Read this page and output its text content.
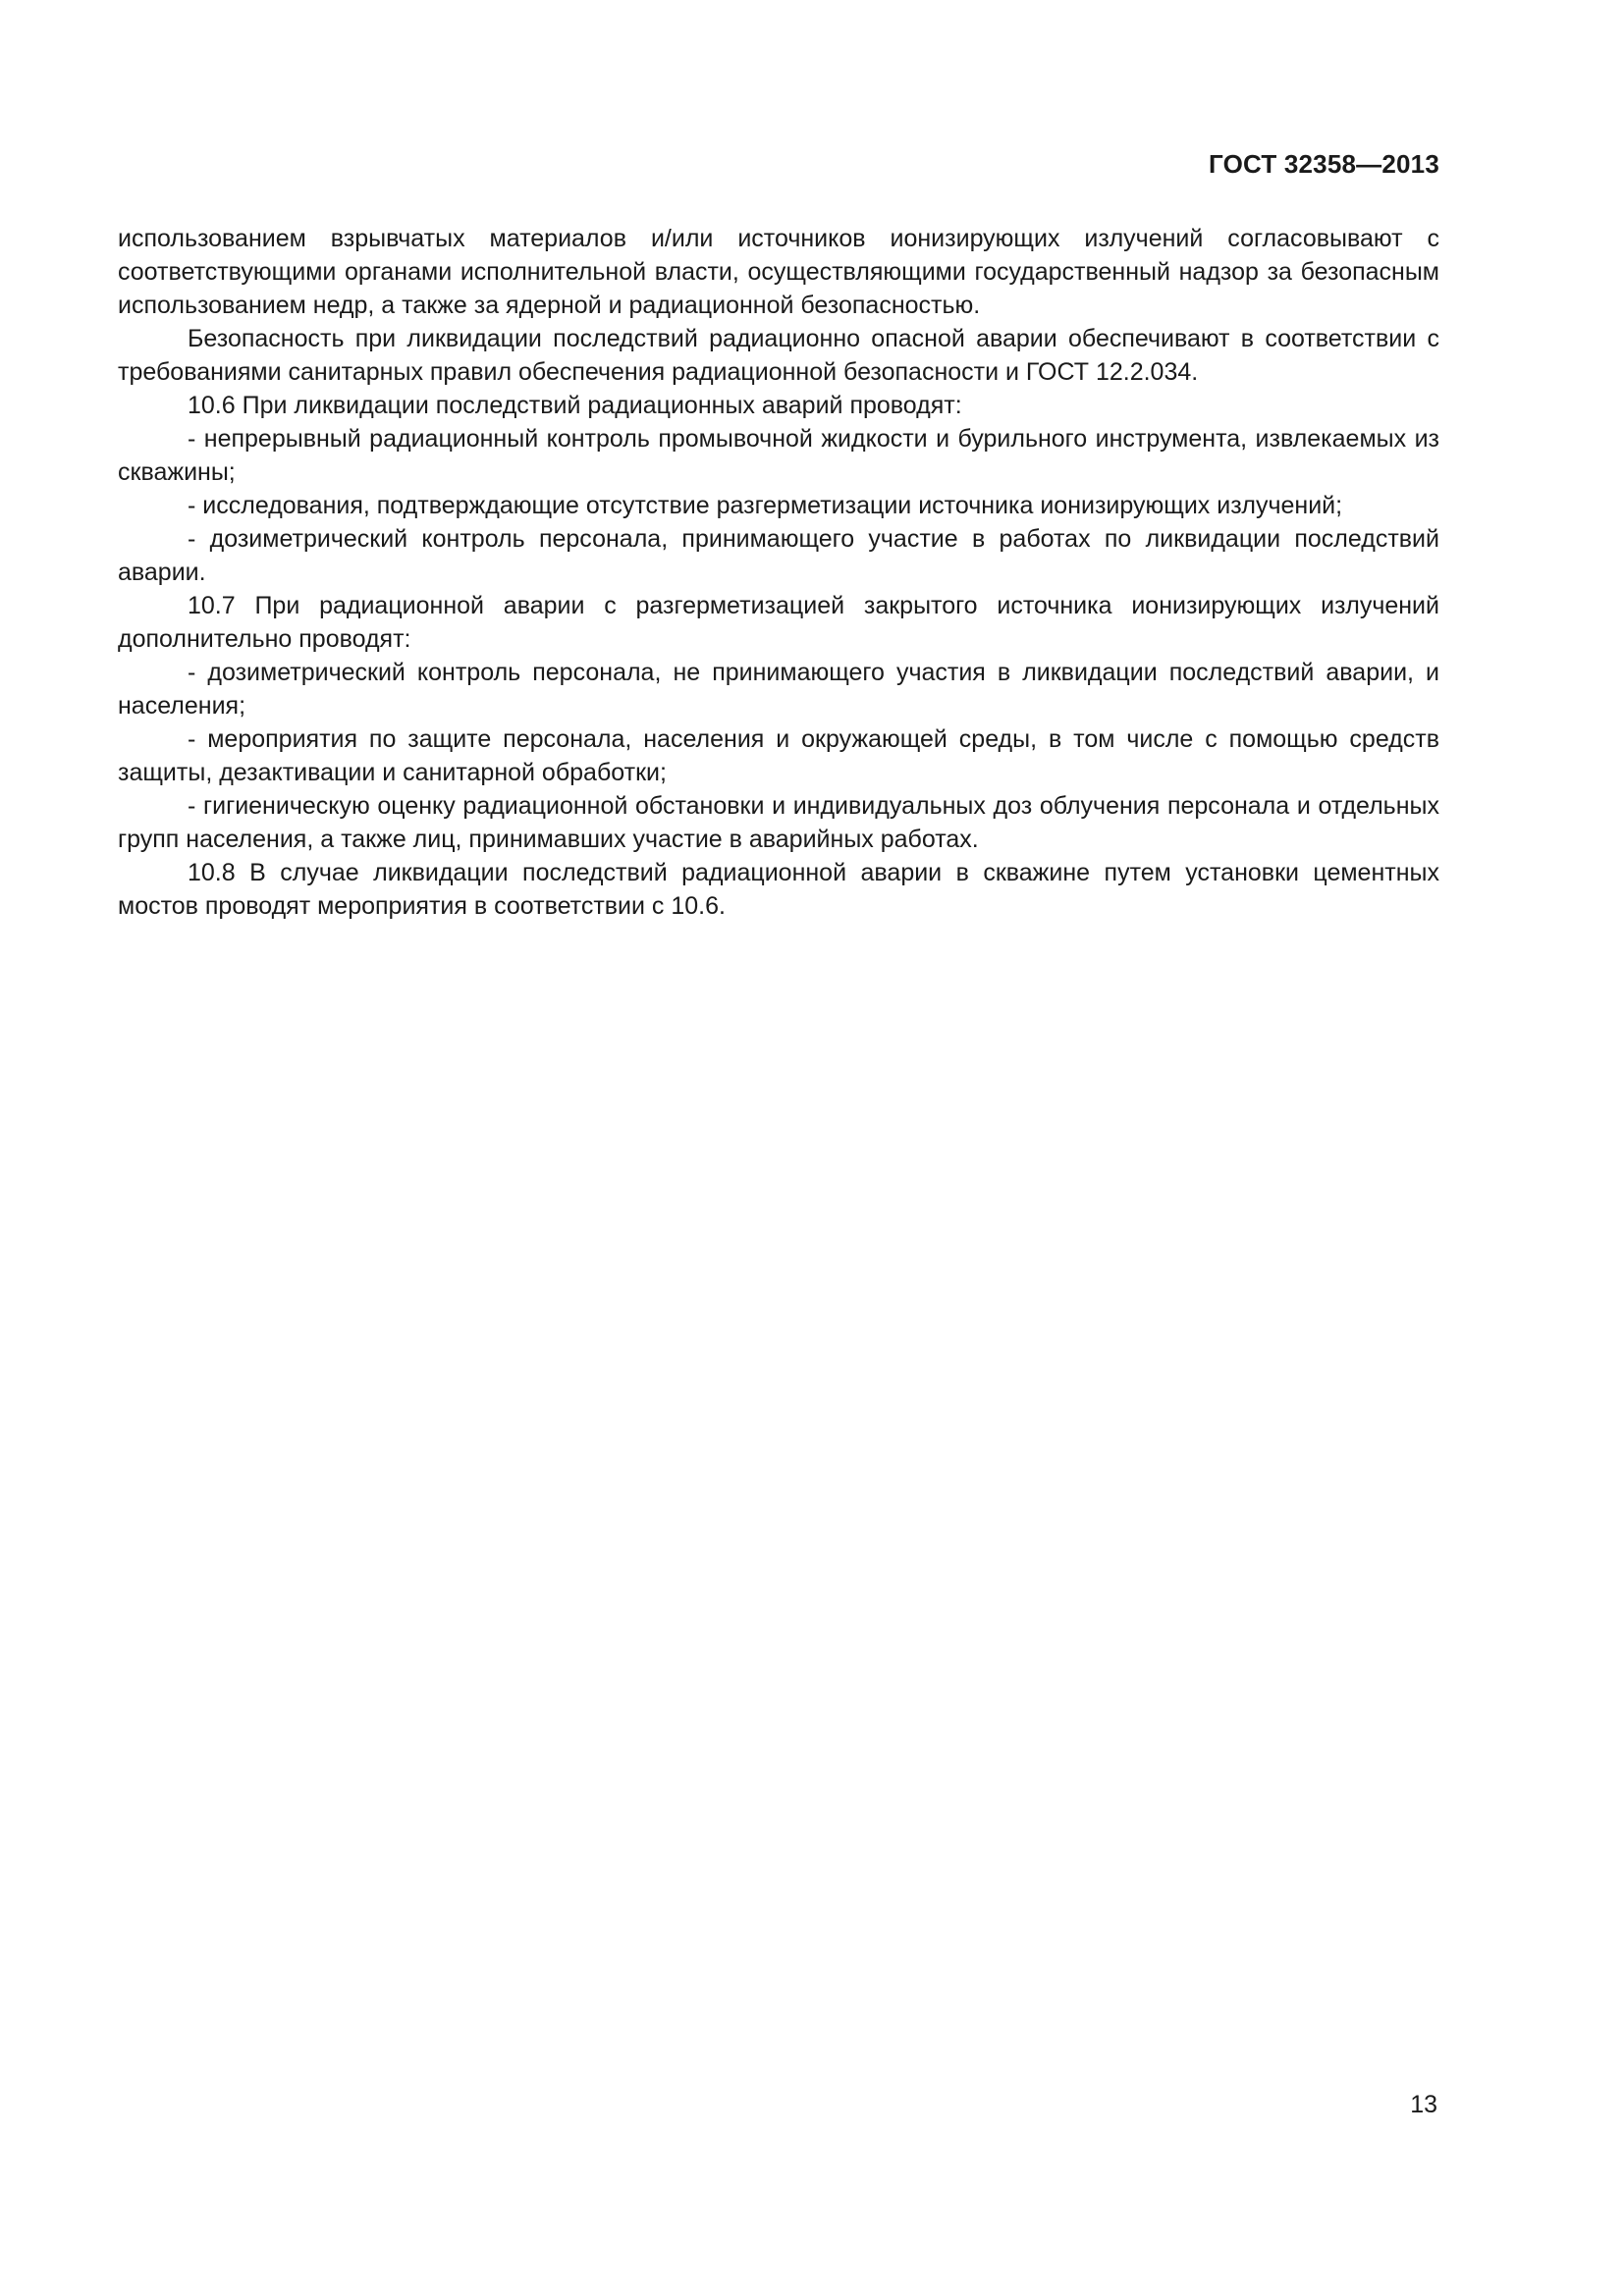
ГОСТ 32358—2013

использованием взрывчатых материалов и/или источников ионизирующих излучений согласовывают с соответствующими органами исполнительной власти, осуществляющими государственный надзор за безопасным использованием недр, а также за ядерной и радиационной безопасностью.

Безопасность при ликвидации последствий радиационно опасной аварии обеспечивают в соответствии с требованиями санитарных правил обеспечения радиационной безопасности и ГОСТ 12.2.034.

10.6 При ликвидации последствий радиационных аварий проводят:

- непрерывный радиационный контроль промывочной жидкости и бурильного инструмента, извлекаемых из скважины;

- исследования, подтверждающие отсутствие разгерметизации источника ионизирующих излучений;

- дозиметрический контроль персонала, принимающего участие в работах по ликвидации последствий аварии.

10.7 При радиационной аварии с разгерметизацией закрытого источника ионизирующих излучений дополнительно проводят:

- дозиметрический контроль персонала, не принимающего участия в ликвидации последствий аварии, и населения;

- мероприятия по защите персонала, населения и окружающей среды, в том числе с помощью средств защиты, дезактивации и санитарной обработки;

- гигиеническую оценку радиационной обстановки и индивидуальных доз облучения персонала и отдельных групп населения, а также лиц, принимавших участие в аварийных работах.

10.8 В случае ликвидации последствий радиационной аварии в скважине путем установки цементных мостов проводят мероприятия в соответствии с 10.6.

13
